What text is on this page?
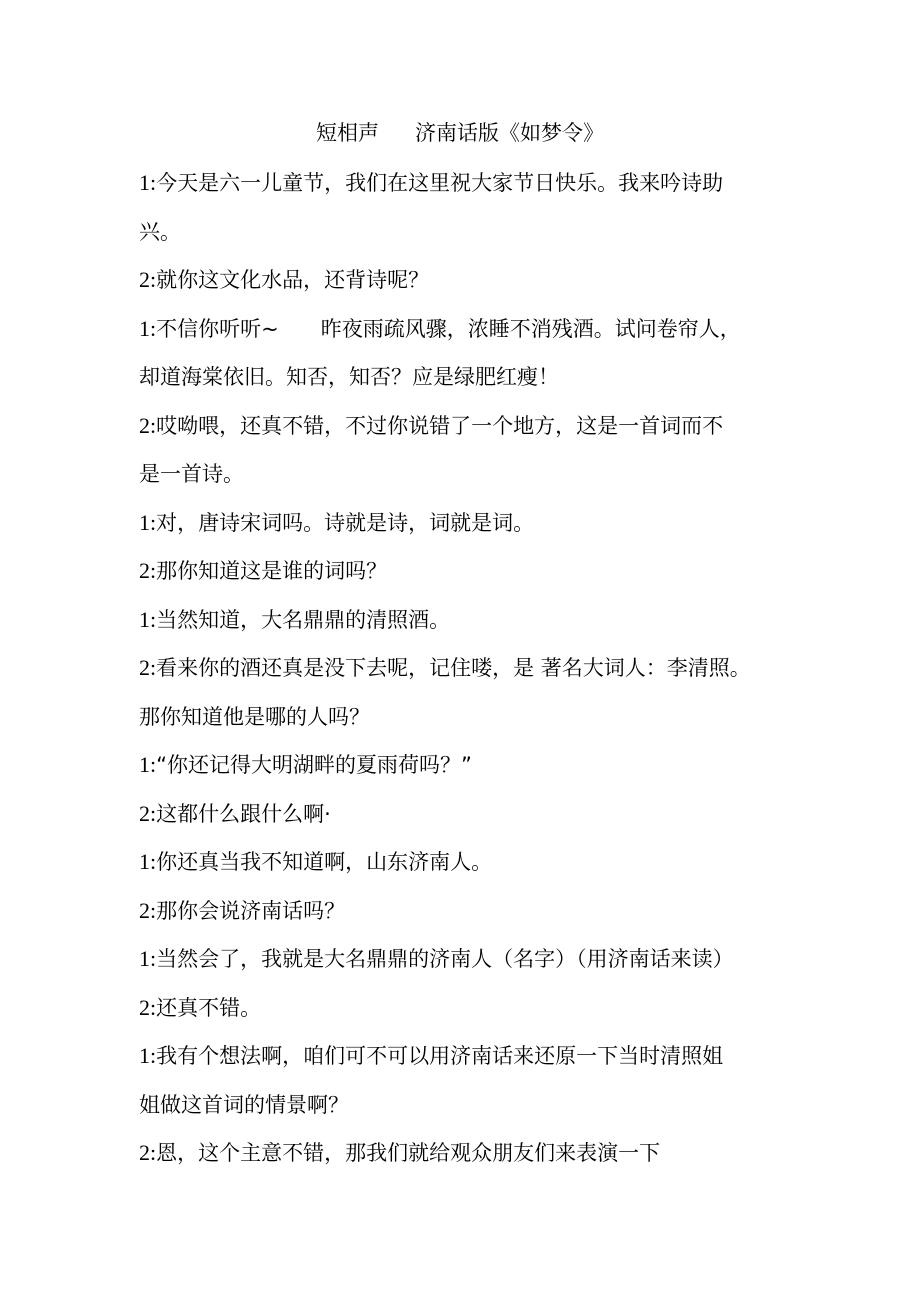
短相声 济南话版《如梦令》
1:今天是六一儿童节，我们在这里祝大家节日快乐。我来吟诗助
兴。
2:就你这文化水品，还背诗呢？
1:不信你听听~ 昨夜雨疏风骤，浓睡不消残酒。试问卷帘人，
却道海棠依旧。知否，知否？应是绿肥红瘦！
2:哎呦喂，还真不错，不过你说错了一个地方，这是一首词而不
是一首诗。
1:对，唐诗宋词吗。诗就是诗，词就是词。
2:那你知道这是谁的词吗？
1:当然知道，大名鼎鼎的清照酒。
2:看来你的酒还真是没下去呢，记住喽，是 著名大词人：李清照。
那你知道他是哪的人吗？
1:“你还记得大明湖畔的夏雨荷吗？”
2:这都什么跟什么啊·
1:你还真当我不知道啊，山东济南人。
2:那你会说济南话吗？
1:当然会了，我就是大名鼎鼎的济南人（名字）（用济南话来读）
2:还真不错。
1:我有个想法啊，咱们可不可以用济南话来还原一下当时清照姐
姐做这首词的情景啊？
2:恩，这个主意不错，那我们就给观众朋友们来表演一下
